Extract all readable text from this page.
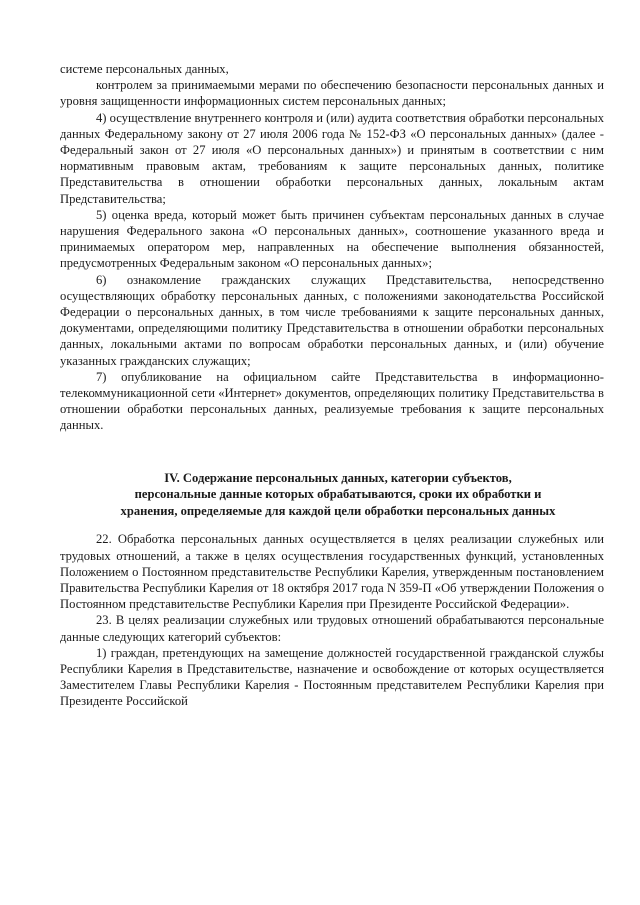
системе персональных данных,

контролем за принимаемыми мерами по обеспечению безопасности персональных данных и уровня защищенности информационных систем персональных данных;

4) осуществление внутреннего контроля и (или) аудита соответствия обработки персональных данных Федеральному закону от 27 июля 2006 года № 152-ФЗ «О персональных данных» (далее - Федеральный закон от 27 июля «О персональных данных») и принятым в соответствии с ним нормативным правовым актам, требованиям к защите персональных данных, политике Представительства в отношении обработки персональных данных, локальным актам Представительства;

5) оценка вреда, который может быть причинен субъектам персональных данных в случае нарушения Федерального закона «О персональных данных», соотношение указанного вреда и принимаемых оператором мер, направленных на обеспечение выполнения обязанностей, предусмотренных Федеральным законом «О персональных данных»;

6) ознакомление гражданских служащих Представительства, непосредственно осуществляющих обработку персональных данных, с положениями законодательства Российской Федерации о персональных данных, в том числе требованиями к защите персональных данных, документами, определяющими политику Представительства в отношении обработки персональных данных, локальными актами по вопросам обработки персональных данных, и (или) обучение указанных гражданских служащих;

7) опубликование на официальном сайте Представительства в информационно-телекоммуникационной сети «Интернет» документов, определяющих политику Представительства в отношении обработки персональных данных, реализуемые требования к защите персональных данных.

IV. Содержание персональных данных, категории субъектов,
персональные данные которых обрабатываются, сроки их обработки и
хранения, определяемые для каждой цели обработки персональных данных

22. Обработка персональных данных осуществляется в целях реализации служебных или трудовых отношений, а также в целях осуществления государственных функций, установленных Положением о Постоянном представительстве Республики Карелия, утвержденным постановлением Правительства Республики Карелия от 18 октября 2017 года N 359-П «Об утверждении Положения о Постоянном представительстве Республики Карелия при Президенте Российской Федерации».

23. В целях реализации служебных или трудовых отношений обрабатываются персональные данные следующих категорий субъектов:

1) граждан, претендующих на замещение должностей государственной гражданской службы Республики Карелия в Представительстве, назначение и освобождение от которых осуществляется Заместителем Главы Республики Карелия - Постоянным представителем Республики Карелия при Президенте Российской
